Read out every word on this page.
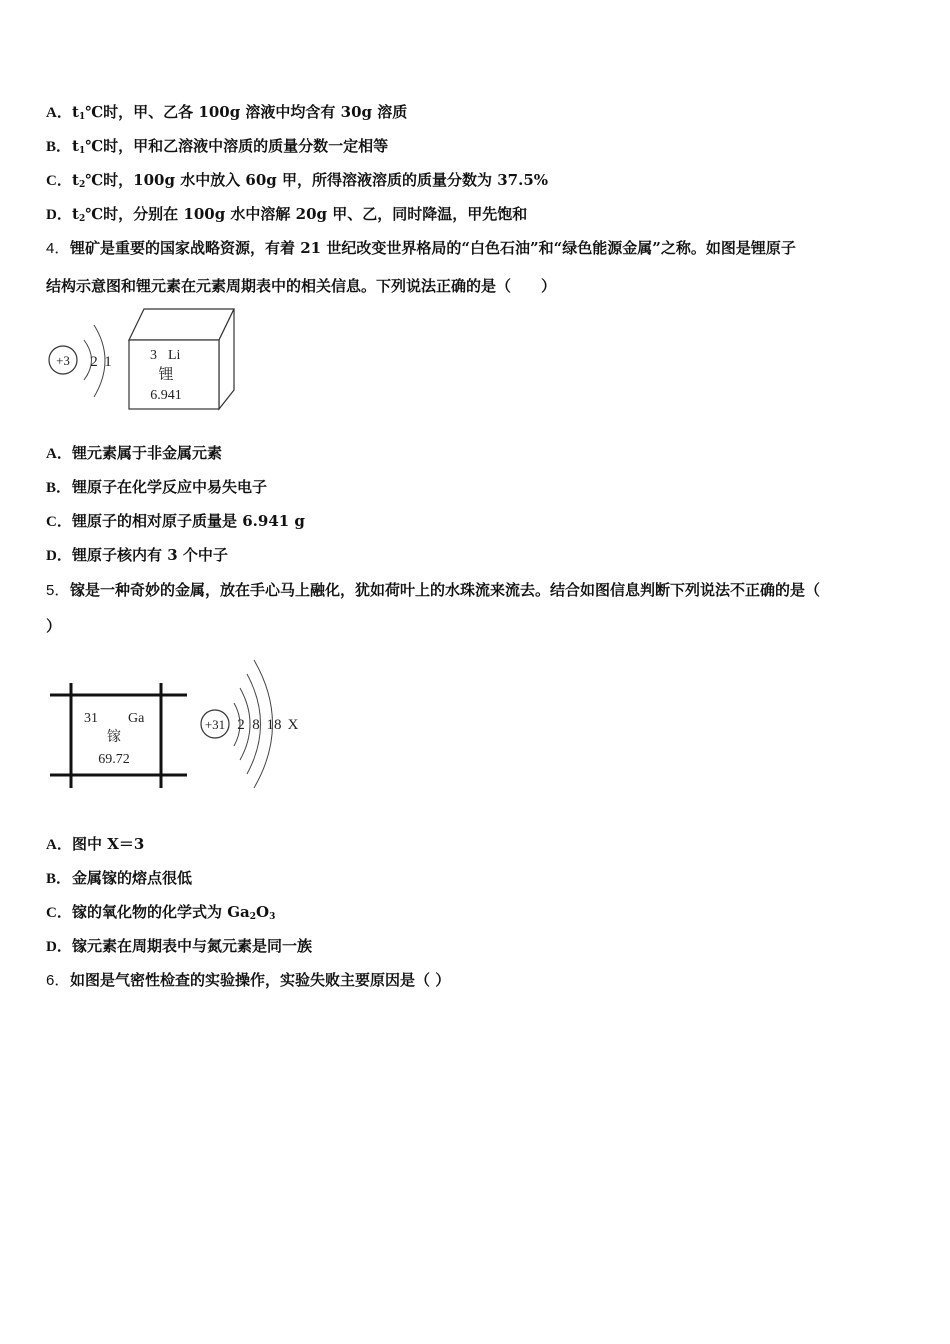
A．$t_1℃$时，甲、乙各 100g 溶液中均含有 30g 溶质
B．$t_1℃$时，甲和乙溶液中溶质的质量分数一定相等
C．$t_2℃$时，100g 水中放入 60g 甲，所得溶液溶质的质量分数为 37.5%
D．$t_2℃$时，分别在 100g 水中溶解 20g 甲、乙，同时降温，甲先饱和
4．锂矿是重要的国家战略资源，有着 21 世纪改变世界格局的“白色石油”和“绿色能源金属”之称。如图是锂原子
结构示意图和锂元素在元素周期表中的相关信息。下列说法正确的是（　　）
+3 2 1	3 Li
锂
6.941
A．锂元素属于非金属元素
B．锂原子在化学反应中易失电子
C．锂原子的相对原子质量是 6.941 g
D．锂原子核内有 3 个中子
5．镓是一种奇妙的金属，放在手心马上融化，犹如荷叶上的水珠流来流去。结合如图信息判断下列说法不正确的是（
）
31 Ga
镓
69.72
+31 2 8 18 X
A．图中 X＝3
B．金属镓的熔点很低
C．镓的氧化物的化学式为 $Ga_2O_3$
D．镓元素在周期表中与氮元素是同一族
6．如图是气密性检查的实验操作，实验失败主要原因是（ ）
